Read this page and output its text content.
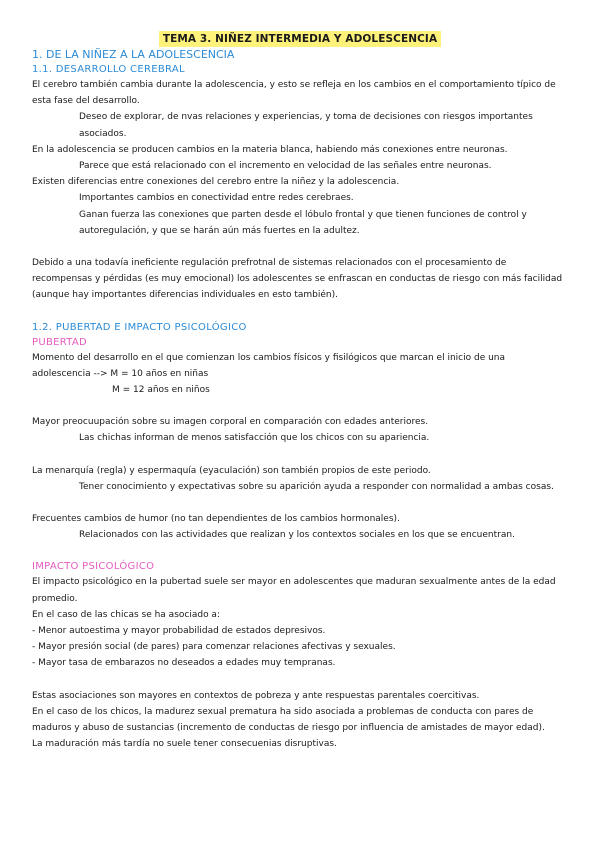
TEMA 3. NIÑEZ INTERMEDIA Y ADOLESCENCIA
1. DE LA NIÑEZ A LA ADOLESCENCIA
1.1. DESARROLLO CEREBRAL

El cerebro también cambia durante la adolescencia, y esto se refleja en los cambios en el comportamiento típico de esta fase del desarrollo.

Deseo de explorar, de nvas relaciones y experiencias, y toma de decisiones con riesgos importantes asociados.

En la adolescencia se producen cambios en la materia blanca, habiendo más conexiones entre neuronas.

Parece que está relacionado con el incremento en velocidad de las señales entre neuronas.

Existen diferencias entre conexiones del cerebro entre la niñez y la adolescencia.

Importantes cambios en conectividad entre redes cerebraes.

Ganan fuerza las conexiones que parten desde el lóbulo frontal y que tienen funciones de control y autoregulación, y que se harán aún más fuertes en la adultez.

Debido a una todavía ineficiente regulación prefrotnal de sistemas relacionados con el procesamiento de recompensas y pérdidas (es muy emocional) los adolescentes se enfrascan en conductas de riesgo con más facilidad (aunque hay importantes diferencias individuales en esto también).

1.2. PUBERTAD E IMPACTO PSICOLÓGICO
PUBERTAD

Momento del desarrollo en el que comienzan los cambios físicos y fisilógicos que marcan el inicio de una

adolescencia --> M = 10 años en niñas

M = 12 años en niños

Mayor preocuupación sobre su imagen corporal en comparación con edades anteriores.

Las chichas informan de menos satisfacción que los chicos con su apariencia.

La menarquía (regla) y espermaquía (eyaculación) son también propios de este periodo.

Tener conocimiento y expectativas sobre su aparición ayuda a responder con normalidad a ambas cosas.

Frecuentes cambios de humor (no tan dependientes de los cambios hormonales).

Relacionados con las actividades que realizan y los contextos sociales en los que se encuentran.

IMPACTO PSICOLÓGICO

El impacto psicológico en la pubertad suele ser mayor en adolescentes que maduran sexualmente antes de la edad promedio.

En el caso de las chicas se ha asociado a:

- Menor autoestima y mayor probabilidad de estados depresivos.

- Mayor presión social (de pares) para comenzar relaciones afectivas y sexuales.

- Mayor tasa de embarazos no deseados a edades muy tempranas.

Estas asociaciones son mayores en contextos de pobreza y ante respuestas parentales coercitivas.

En el caso de los chicos, la madurez sexual prematura ha sido asociada a problemas de conducta con pares de maduros y abuso de sustancias (incremento de conductas de riesgo por influencia de amistades de mayor edad).

La maduración más tardía no suele tener consecuenias disruptivas.
